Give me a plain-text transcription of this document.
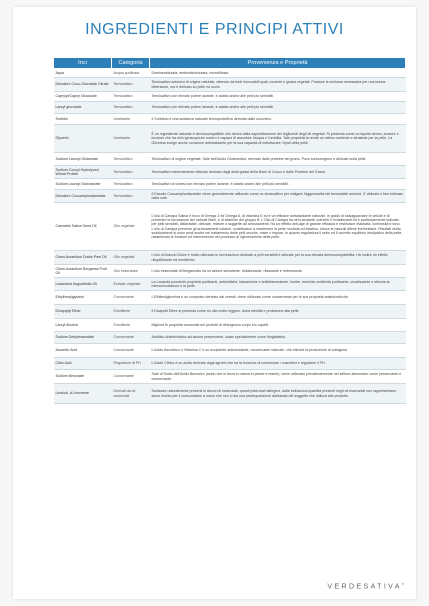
INGREDIENTI E PRINCIPI ATTIVI
Inci	Categoria	Provenienza e Proprietà
Aqua	Acqua purificata	Demineralizzata, elettrodeionizzata, microfiltrata.
Disodium Coco-Glucoside Citrate	Tensioattivo	Tensioattivo anionico di origine naturale, ottenuto da fonti rinnovabili quali zuccheri e grassi vegetali. Produce la schiuma necessaria per una buona detersione, ma è delicato su pelle ed occhi.
Caprylyl/Capryl Glucoside	Tensioattivo	Tensioattivo con elevato potere lavante, è adatto anche alle pelli più sensibili.
Lauryl glucoside	Tensioattivo	Tensioattivo con elevato potere lavante, è adatto anche alle pelli più sensibili.
Sorbitol	Umettante	Il Sorbitolo è una sostanza naturale termoprotettiva derivata dallo zucchero.
Glycerin	Umettante	È un ingrediente naturale e dermocompatibile che deriva dalla saponificazione dei trigliceridi degli oli vegetali. Si presenta come un liquido denso, inodore e incolore che ha virtù igroscopiche ovvero è capace di assorbire l'acqua e l'umidità. Tale proprietà la rende un ottimo nutriente e idratante per la pelle. La Glicerina svolge anche un'azione antiossidante per la sua capacità di ristrutturare i lipidi della pelle.
Sodium Lauroyl Glutamate	Tensioattivo	Tensioattivo di origine vegetale, Sale dell'Acido Glutammico, derivato dalle proteine del grano. Poco schiumogeno e delicato sulla pelle.
Sodium Cocoyl Hydrolyzed Wheat Protein	Tensioattivo	Tensioattivo estremamente delicato derivato dagli acidi grassi della Noce di Cocco e dalle Proteine del Grano.
Sodium Lauroyl Sarcosinate	Tensioattivo	Tensioattivo di sintesi con elevato potere lavante, è adatto anche alle pelli più sensibili.
Disodium Cocoamphodiacetate	Tensioattivo	Il Disodio Cocoamphodiacetato viene generalmente utilizzato come co-tensioattivo per mitigare l'aggressività dei tensioattivi anionici. È delicato e ben tollerato dalla cute.
Cannabis Sativa Seed Oil	Olio vegetale	L'olio di Canapa Sativa è ricco di Omega 3 ed Omega 6, di vitamina E ed è un efficace antiossidante naturale, in grado di salvaguardare le cellule e di prevenire la formazione dei radicali liberi, e di vitamine del gruppo B. L'Olio di Canapa ha virtù idratanti, nutrienti e rivitalizzanti ed è particolarmente indicato per pelli sensibili, disidratate, delicate, mature o soggette ad arrossamenti. Ha un effetto anti-age di grande efficacia e restituisce elasticità, luminosità e tono. L'olio di Canapa previene gli arrossamenti cutanei, contribuisce a mantenere la pelle morbida ed elastica, riduce le naturali difese immunitarie. Risultati molto soddisfacenti si sono avuti anche nel trattamento delle pelli secche, miste o impure, in quanto regolarizza il sebo ed il corretto equilibrio idrolipidico della pelle, ristabilendo le funzioni ed intervenendo nel processo di rigenerazione della pelle.
Citrus Aurantium Dulcis Peel Oil	Olio vegetale	L'olio di Arancio Dolce è molto utilizzato in formulazioni dedicate a pelli sensibili e delicate per la sua elevata dermocompatibilità. Ha inoltre un effetto riequilibrante ed emolliente.
Citrus Aurantium Bergamia Fruit Oil	Olio essenziale	L'olio essenziale di Bergamotto ha un'azione stimolante, rivitalizzante, rilassante e rinfrescante.
Lavandula Angustifolia Oil	Estratto vegetale	La Lavanda possiede proprietà purificanti, antisettiche, balsamiche e antinfiammatorie. Inoltre, esercita un'attività purificante, cicatrizzante e stimola la microcircolazione e la pelle.
Ethylhexylglycerin	Conservante	L'Ethilesilglicerina è un composto derivato dai cereali, viene utilizzato come conservante per le sue proprietà antimicrobiche.
Dicaprylyl Ether	Emolliente	Il Dicaprilil Etere si presenta come un olio molto leggero, dona sterilità e protezione alla pelle.
Lauryl Alcohol	Emolliente	Migliora le proprietà sensoriali nei prodotti di detergenza corpo e/o capelli.
Sodium Dehydroacetate	Conservante	Additivo Antimicrobico ad azione preservante, usato specialmente come fungistatico.
Ascorbic Acid	Conservante	L'Acido Ascorbico o Vitamina C è un eccipiente antiossidante, conservante naturale, che stimola la produzione di collagene.
Citric Acid	Regolatore di PH	L'Acido Citrico è un acido derivato dagli agrumi che ha la funzione di conservare i cosmetici e regolarne il PH.
Sodium Benzoate	Conservante	Sale di Sodio dell'Acido Benzoico (acido che si trova in natura in piante e resine), viene utilizzato prevalentemente nel settore alimentare come preservante e conservante.
Linalool, d-Limonene	Derivati da oli essenziali	Sostanze naturalmente presenti in alcuni oli essenziali, questi potenziali allergeni, dalle indicazioni quantità presenti negli oli essenziali non rappresentano alcun rischio per il consumatore a meno che non ci sia una predisposizione dichiarata del soggetto che utilizza tale prodotto.
VERDESATIVA®
